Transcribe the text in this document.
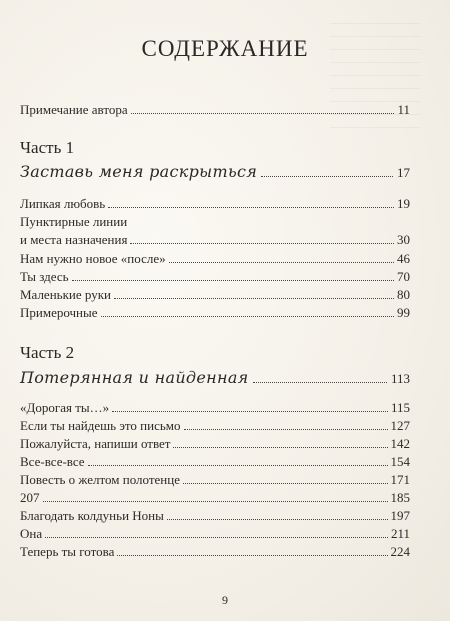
СОДЕРЖАНИЕ
Примечание автора	11
Часть 1
Заставь меня раскрыться	17
Липкая любовь	19
Пунктирные линии
и места назначения	30
Нам нужно новое «после»	46
Ты здесь	70
Маленькие руки	80
Примерочные	99
Часть 2
Потерянная и найденная	113
«Дорогая ты…»	115
Если ты найдешь это письмо	127
Пожалуйста, напиши ответ	142
Все-все-все	154
Повесть о желтом полотенце	171
207	185
Благодать колдуньи Ноны	197
Она	211
Теперь ты готова	224
9
